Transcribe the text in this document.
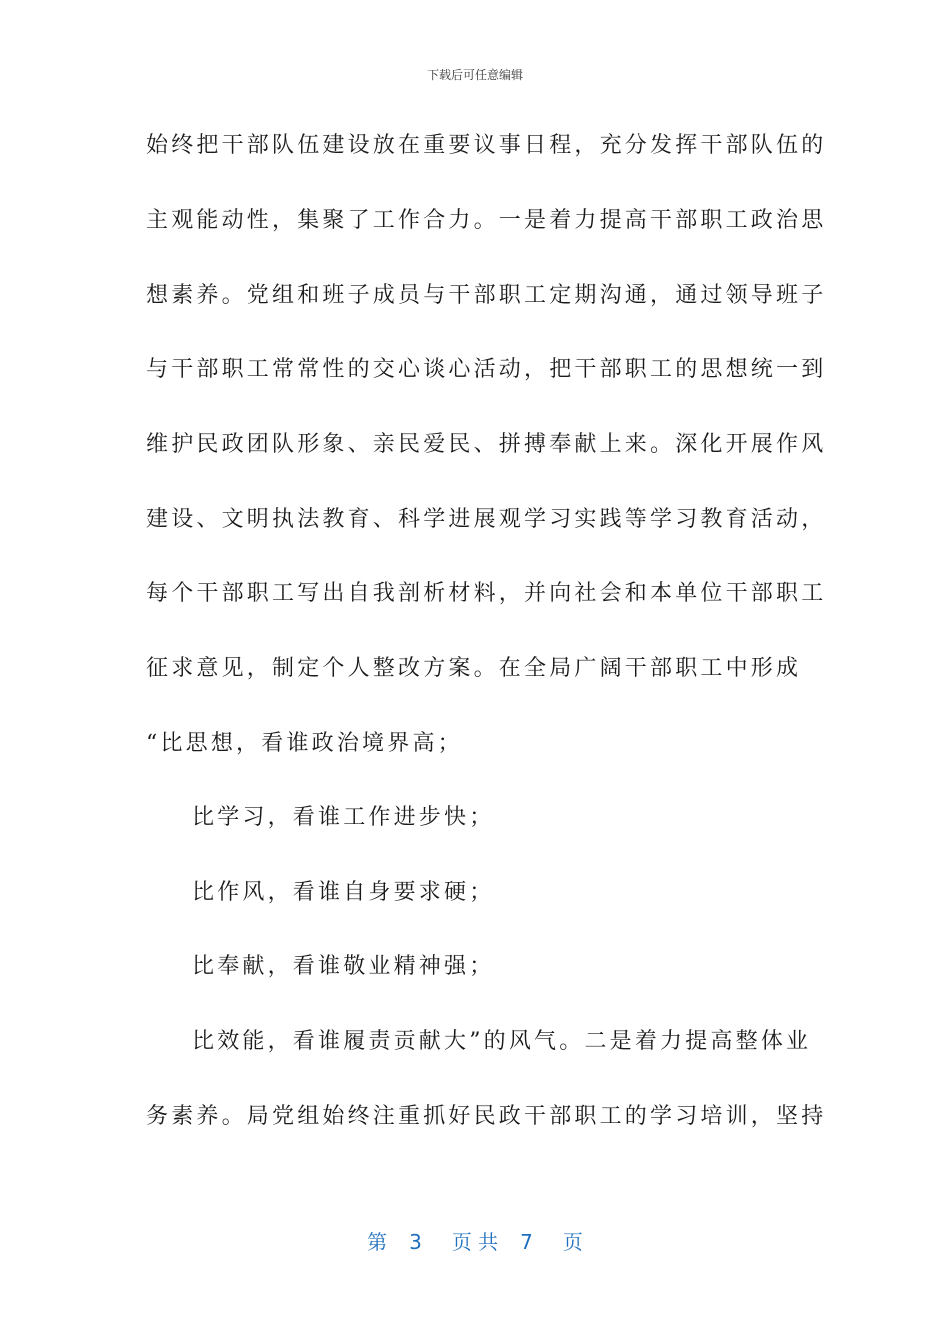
下载后可任意编辑
始终把干部队伍建设放在重要议事日程，充分发挥干部队伍的
主观能动性，集聚了工作合力。一是着力提高干部职工政治思
想素养。党组和班子成员与干部职工定期沟通，通过领导班子
与干部职工常常性的交心谈心活动，把干部职工的思想统一到
维护民政团队形象、亲民爱民、拼搏奉献上来。深化开展作风
建设、文明执法教育、科学进展观学习实践等学习教育活动，
每个干部职工写出自我剖析材料，并向社会和本单位干部职工
征求意见，制定个人整改方案。在全局广阔干部职工中形成
“比思想，看谁政治境界高；
比学习，看谁工作进步快；
比作风，看谁自身要求硬；
比奉献，看谁敬业精神强；
比效能，看谁履责贡献大”的风气。二是着力提高整体业
务素养。局党组始终注重抓好民政干部职工的学习培训，坚持
第 3 页 共 7 页
